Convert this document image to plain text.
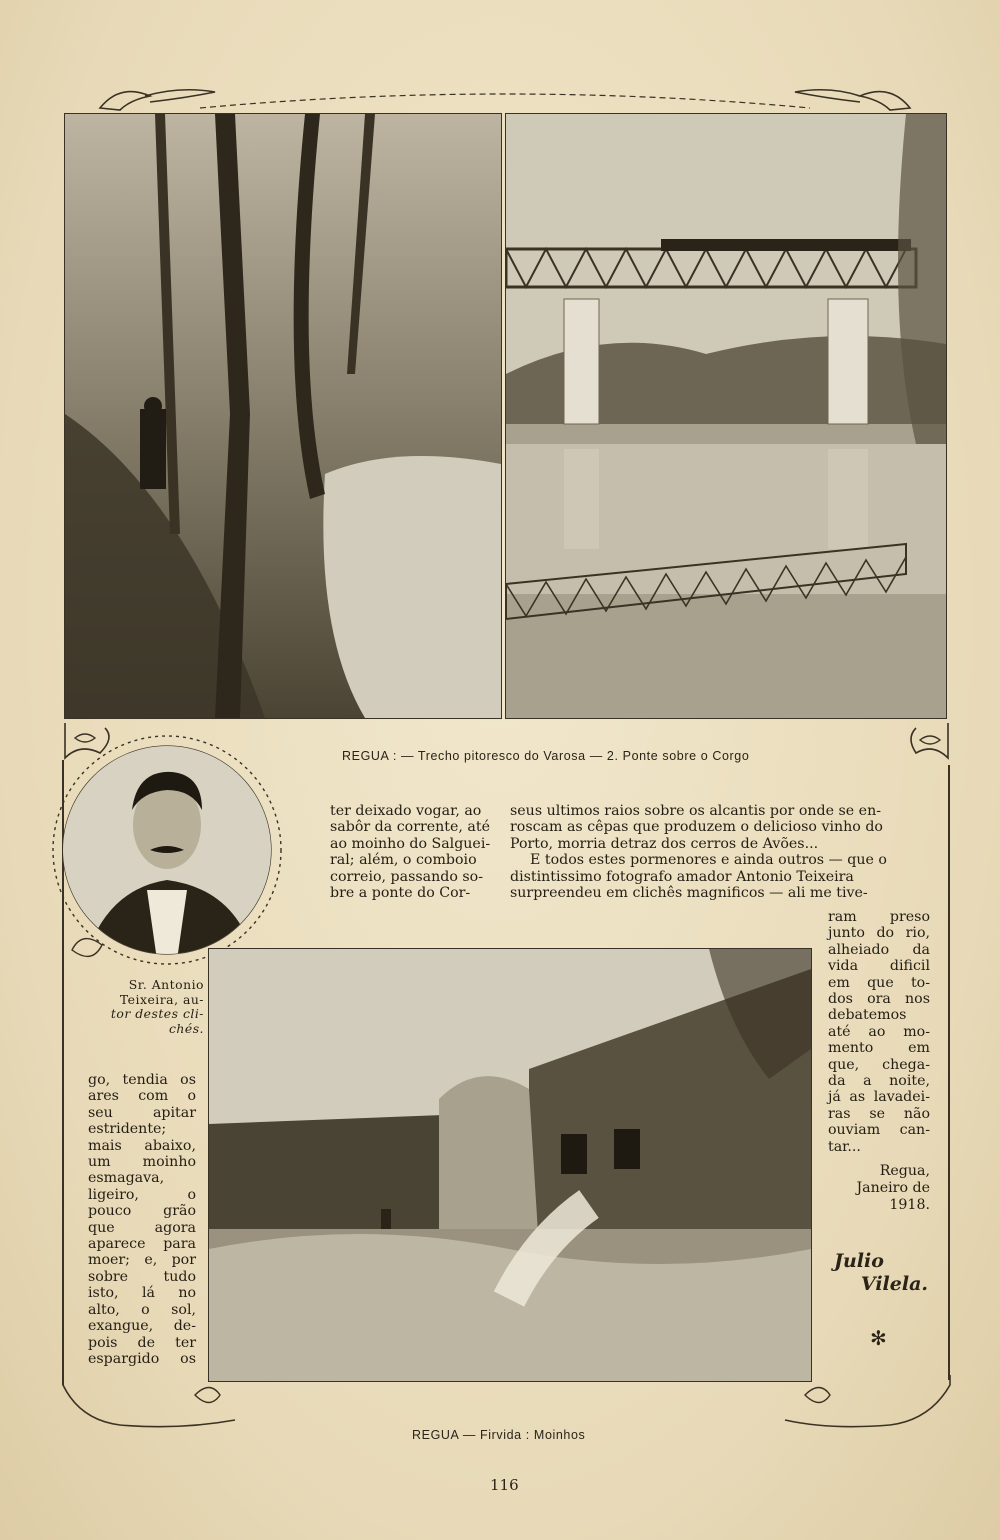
REGUA : — Trecho pitoresco do Varosa — 2. Ponte sobre o Corgo
Sr. Antonio
Teixeira, au-
tor destes cli-
chés.

ter deixado vogar, ao

sabôr da corrente, até

ao moinho do Salguei-

ral; além, o comboio

correio, passando so-

bre a ponte do Cor-

seus ultimos raios sobre os alcantis por onde se en-

roscam as cêpas que produzem o delicioso vinho do

Porto, morria detraz dos cerros de Avões...

E todos estes pormenores e ainda outros — que o

distintissimo fotografo amador Antonio Teixeira

surpreendeu em clichês magnificos — ali me tive-

ram preso

junto do rio,

alheiado da

vida dificil

em que to-

dos ora nos

debatemos

até ao mo-

mento em

que, chega-

da a noite,

já as lavadei-

ras se não

ouviam can-

tar...

Regua,

Janeiro de

1918.

Julio
Vilela.
✻

go, tendia os

ares com o

seu apitar

estridente;

mais abaixo,

um moinho

esmagava,

ligeiro, o

pouco grão

que agora

aparece para

moer; e, por

sobre tudo

isto, lá no

alto, o sol,

exangue, de-

pois de ter

espargido os

REGUA — Firvida : Moinhos
116
